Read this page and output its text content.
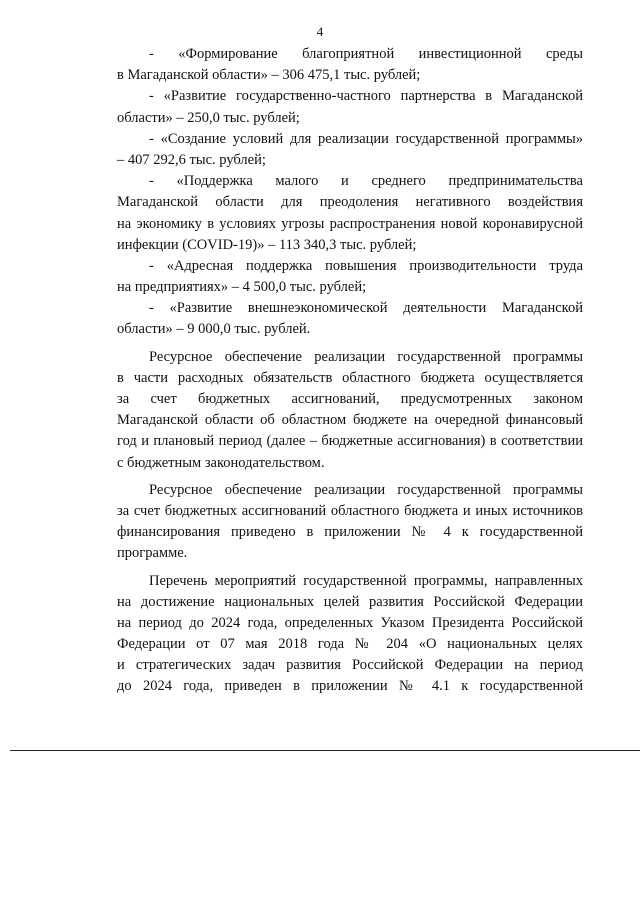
4
- «Формирование благоприятной инвестиционной среды
в Магаданской области» – 306 475,1 тыс. рублей;
- «Развитие государственно-частного партнерства в Магаданской
области» – 250,0 тыс. рублей;
- «Создание условий для реализации государственной программы»
– 407 292,6 тыс. рублей;
- «Поддержка малого и среднего предпринимательства
Магаданской области для преодоления негативного воздействия
на экономику в условиях угрозы распространения новой коронавирусной
инфекции (COVID-19)» – 113 340,3 тыс. рублей;
- «Адресная поддержка повышения производительности труда
на предприятиях» – 4 500,0 тыс. рублей;
- «Развитие внешнеэкономической деятельности Магаданской
области» – 9 000,0 тыс. рублей.
Ресурсное обеспечение реализации государственной программы
в части расходных обязательств областного бюджета осуществляется
за счет бюджетных ассигнований, предусмотренных законом
Магаданской области об областном бюджете на очередной финансовый
год и плановый период (далее – бюджетные ассигнования) в соответствии
с бюджетным законодательством.
Ресурсное обеспечение реализации государственной программы
за счет бюджетных ассигнований областного бюджета и иных источников
финансирования приведено в приложении № 4 к государственной
программе.
Перечень мероприятий государственной программы, направленных
на достижение национальных целей развития Российской Федерации
на период до 2024 года, определенных Указом Президента Российской
Федерации от 07 мая 2018 года № 204 «О национальных целях
и стратегических задач развития Российской Федерации на период
до 2024 года, приведен в приложении № 4.1 к государственной
